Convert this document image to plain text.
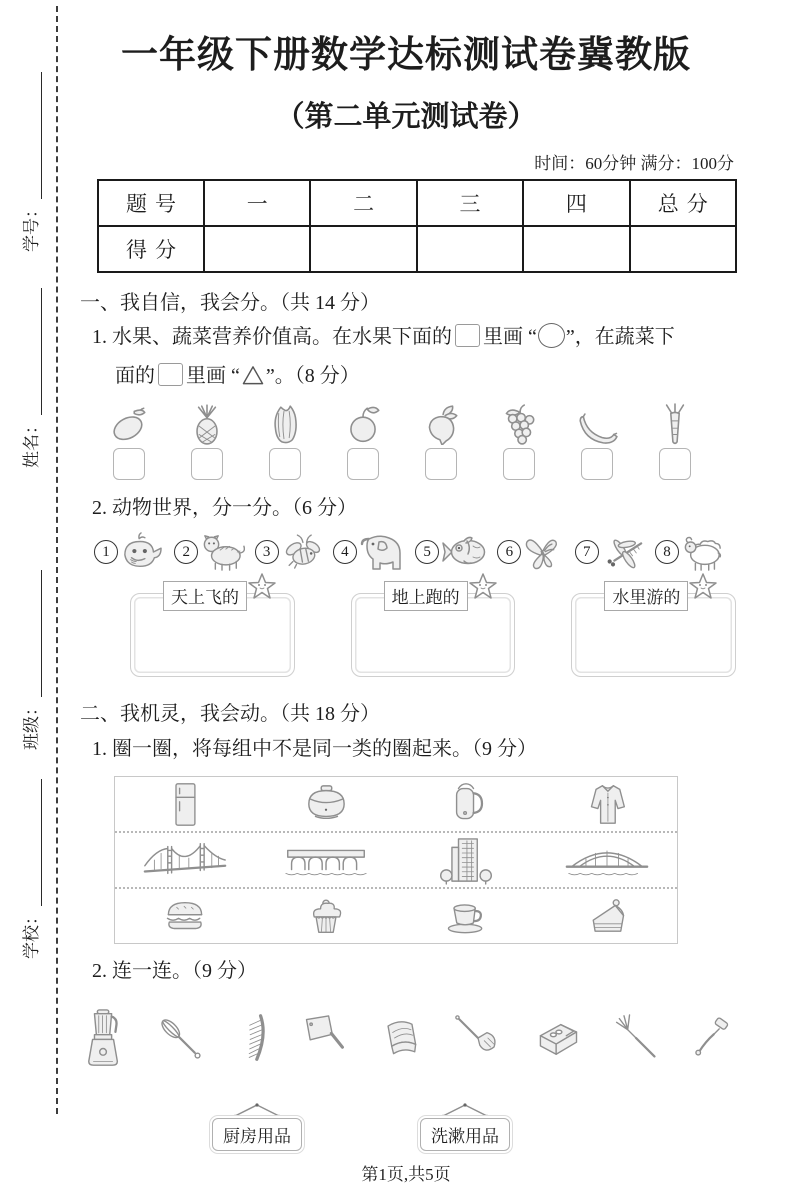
学号：
姓名：
班级：
学校：
一年级下册数学达标测试卷冀教版
（第二单元测试卷）
时间：60分钟 满分：100分
题号	一	二	三	四	总分
得分					
一、我自信，我会分。（共 14 分）
1. 水果、蔬菜营养价值高。在水果下面的 里画 “ ”，在蔬菜下
面的 里画 “ ”。（8 分）
2. 动物世界，分一分。（6 分）
1	2	3	4	5	6	7	8
天上飞的	地上跑的	水里游的
二、我机灵，我会动。（共 18 分）
1. 圈一圈，将每组中不是同一类的圈起来。（9 分）
2. 连一连。（9 分）
厨房用品	洗漱用品
第1页,共5页
